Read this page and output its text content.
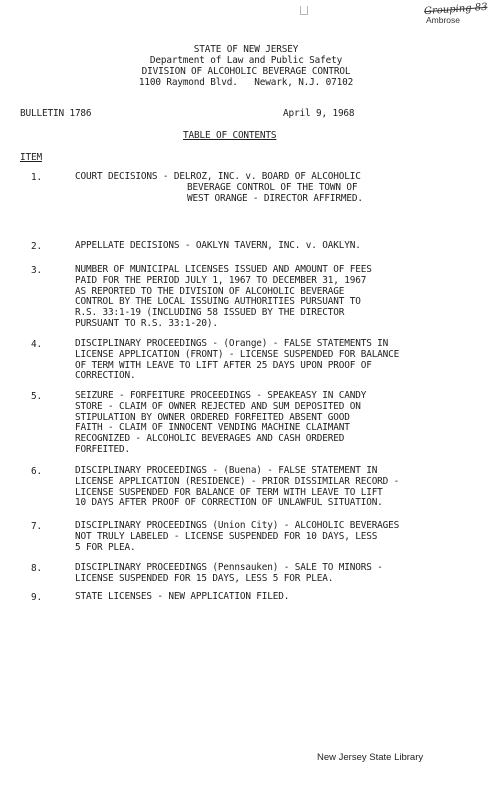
Grouping 83
Ambrose
STATE OF NEW JERSEY
Department of Law and Public Safety
DIVISION OF ALCOHOLIC BEVERAGE CONTROL
1100 Raymond Blvd.   Newark, N.J. 07102
BULLETIN 1786	April 9, 1968
TABLE OF CONTENTS
ITEM
1.	COURT DECISIONS - DELROZ, INC. v. BOARD OF ALCOHOLIC
BEVERAGE CONTROL OF THE TOWN OF
WEST ORANGE - DIRECTOR AFFIRMED.
2.	APPELLATE DECISIONS - OAKLYN TAVERN, INC. v. OAKLYN.
3.	NUMBER OF MUNICIPAL LICENSES ISSUED AND AMOUNT OF FEES
PAID FOR THE PERIOD JULY 1, 1967 TO DECEMBER 31, 1967
AS REPORTED TO THE DIVISION OF ALCOHOLIC BEVERAGE
CONTROL BY THE LOCAL ISSUING AUTHORITIES PURSUANT TO
R.S. 33:1-19 (INCLUDING 58 ISSUED BY THE DIRECTOR
PURSUANT TO R.S. 33:1-20).
4.	DISCIPLINARY PROCEEDINGS - (Orange) - FALSE STATEMENTS IN
LICENSE APPLICATION (FRONT) - LICENSE SUSPENDED FOR BALANCE
OF TERM WITH LEAVE TO LIFT AFTER 25 DAYS UPON PROOF OF
CORRECTION.
5.	SEIZURE - FORFEITURE PROCEEDINGS - SPEAKEASY IN CANDY
STORE - CLAIM OF OWNER REJECTED AND SUM DEPOSITED ON
STIPULATION BY OWNER ORDERED FORFEITED ABSENT GOOD
FAITH - CLAIM OF INNOCENT VENDING MACHINE CLAIMANT
RECOGNIZED - ALCOHOLIC BEVERAGES AND CASH ORDERED
FORFEITED.
6.	DISCIPLINARY PROCEEDINGS - (Buena) - FALSE STATEMENT IN
LICENSE APPLICATION (RESIDENCE) - PRIOR DISSIMILAR RECORD -
LICENSE SUSPENDED FOR BALANCE OF TERM WITH LEAVE TO LIFT
10 DAYS AFTER PROOF OF CORRECTION OF UNLAWFUL SITUATION.
7.	DISCIPLINARY PROCEEDINGS (Union City) - ALCOHOLIC BEVERAGES
NOT TRULY LABELED - LICENSE SUSPENDED FOR 10 DAYS, LESS
5 FOR PLEA.
8.	DISCIPLINARY PROCEEDINGS (Pennsauken) - SALE TO MINORS -
LICENSE SUSPENDED FOR 15 DAYS, LESS 5 FOR PLEA.
9.	STATE LICENSES - NEW APPLICATION FILED.
New Jersey State Library
